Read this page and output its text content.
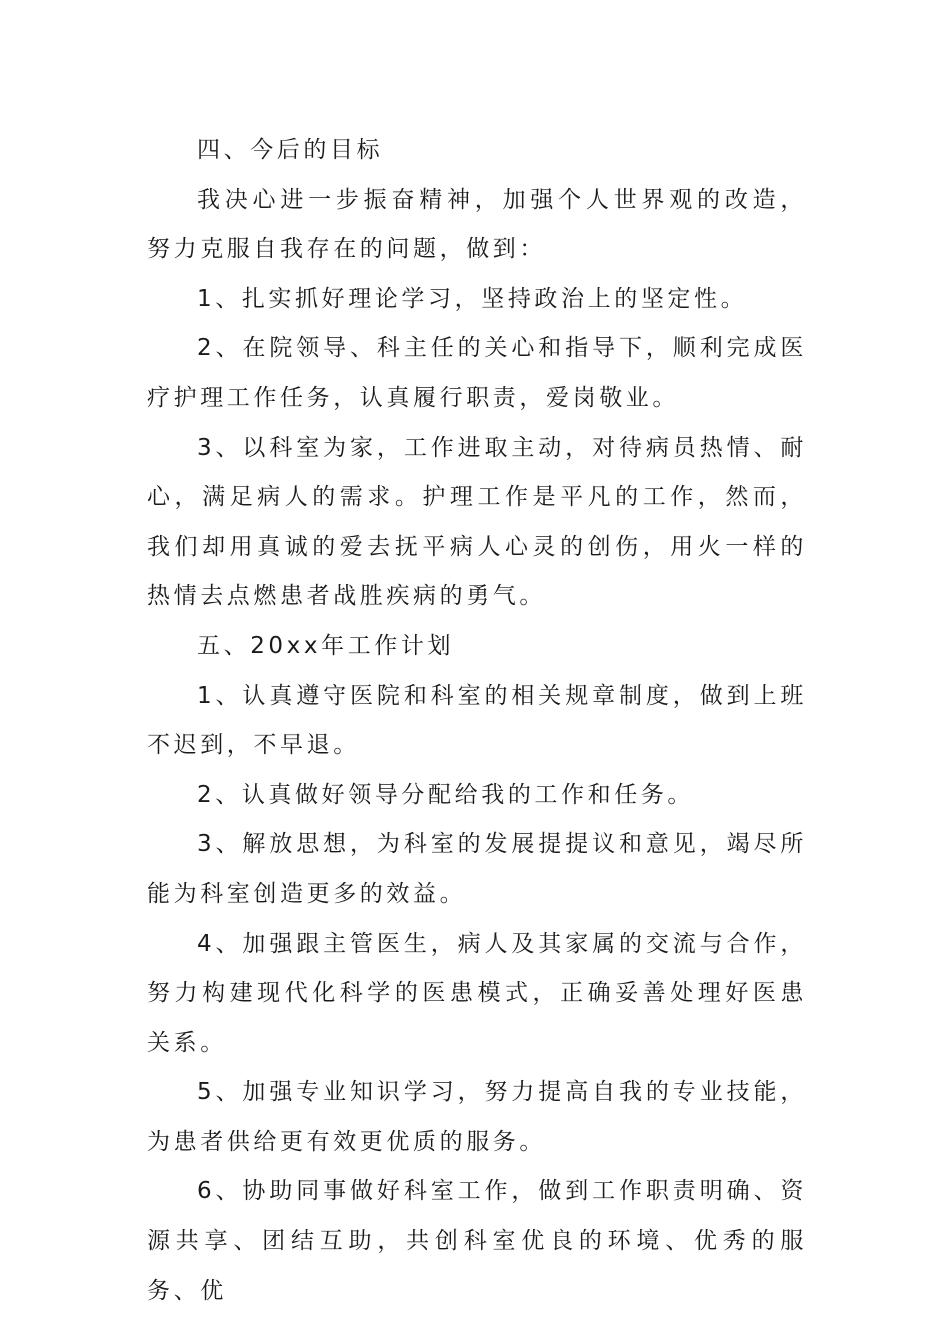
四、今后的目标

我决心进一步振奋精神，加强个人世界观的改造，努力克服自我存在的问题，做到：

1、扎实抓好理论学习，坚持政治上的坚定性。

2、在院领导、科主任的关心和指导下，顺利完成医疗护理工作任务，认真履行职责，爱岗敬业。

3、以科室为家，工作进取主动，对待病员热情、耐心，满足病人的需求。护理工作是平凡的工作，然而，我们却用真诚的爱去抚平病人心灵的创伤，用火一样的热情去点燃患者战胜疾病的勇气。

五、20xx年工作计划

1、认真遵守医院和科室的相关规章制度，做到上班不迟到，不早退。

2、认真做好领导分配给我的工作和任务。

3、解放思想，为科室的发展提提议和意见，竭尽所能为科室创造更多的效益。

4、加强跟主管医生，病人及其家属的交流与合作，努力构建现代化科学的医患模式，正确妥善处理好医患关系。

5、加强专业知识学习，努力提高自我的专业技能，为患者供给更有效更优质的服务。

6、协助同事做好科室工作，做到工作职责明确、资源共享、团结互助，共创科室优良的环境、优秀的服务、优
